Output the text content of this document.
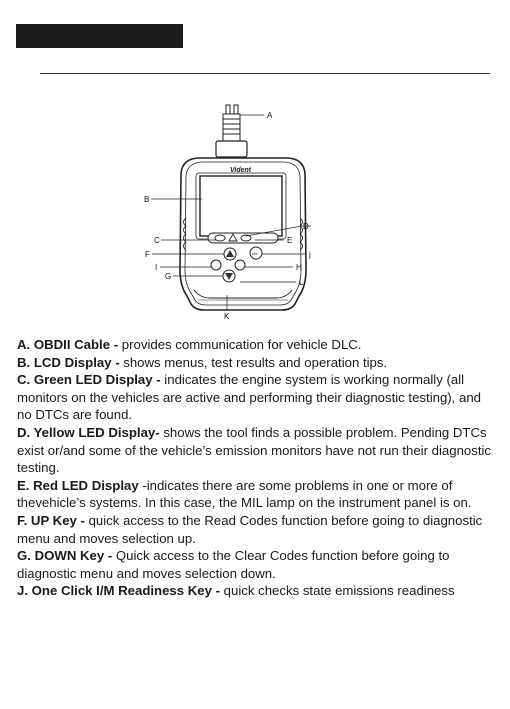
Vident
I/M
A
B
D
C	E
F	j
I	H
G
L
K

A. OBDII Cable - provides communication for vehicle DLC.

B. LCD Display - shows menus, test results and operation tips.

C. Green LED Display - indicates the engine system is working normally (all monitors on the vehicles are active and performing their diagnostic testing), and no DTCs are found.

D. Yellow LED Display- shows the tool finds a possible problem. Pending DTCs exist or/and some of the vehicle’s emission monitors have not run their diagnostic testing.

E. Red LED Display -indicates there are some problems in one or more of thevehicle’s systems. In this case, the MIL lamp on the instrument panel is on.

F. UP Key - quick access to the Read Codes function before going to diagnostic menu and moves selection up.

G. DOWN Key - Quick access to the Clear Codes function before going to diagnostic menu and moves selection down.

J. One Click I/M Readiness Key - quick checks state emissions readiness
